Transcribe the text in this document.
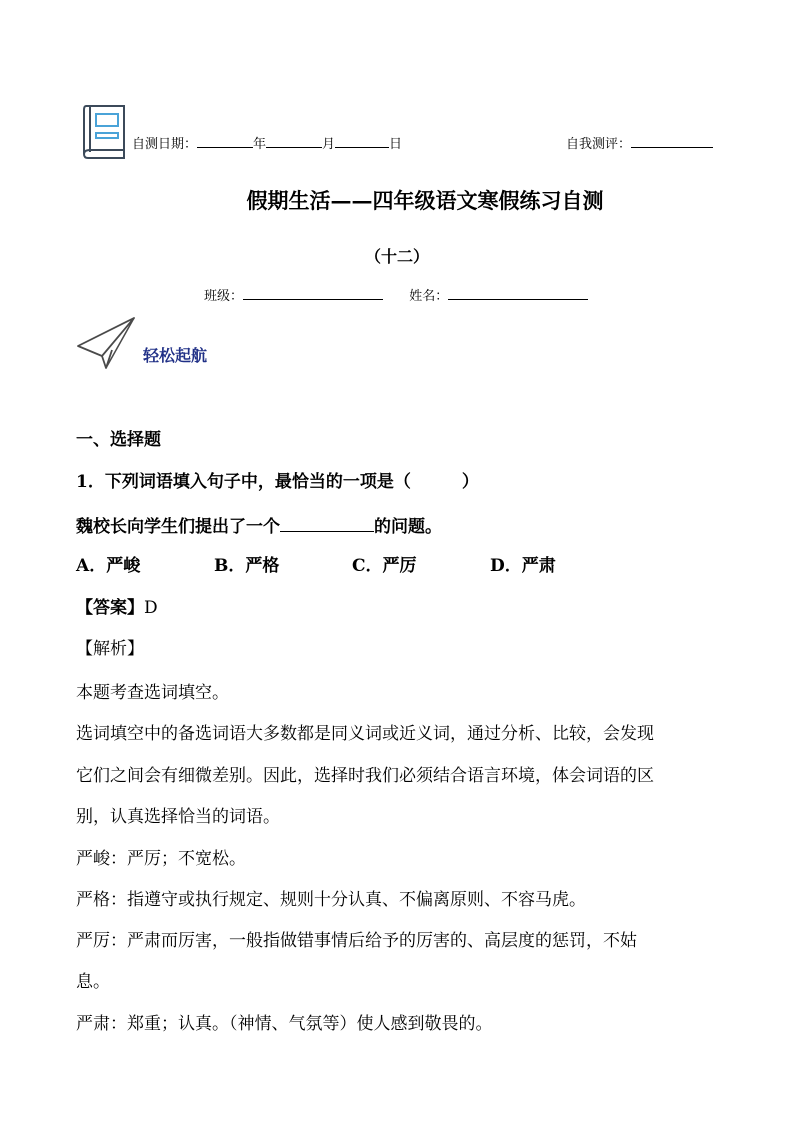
自测日期：	年	月	日	自我测评：
假期生活——四年级语文寒假练习自测
（十二）
班级：	姓名：
轻松起航
一、选择题
1．下列词语填入句子中，最恰当的一项是（　　　）
魏校长向学生们提出了一个	的问题。
A．严峻	B．严格	C．严厉	D．严肃
【答案】D
【解析】
本题考查选词填空。
选词填空中的备选词语大多数都是同义词或近义词，通过分析、比较，会发现
它们之间会有细微差别。因此，选择时我们必须结合语言环境，体会词语的区
别，认真选择恰当的词语。
严峻：严厉；不宽松。
严格：指遵守或执行规定、规则十分认真、不偏离原则、不容马虎。
严厉：严肃而厉害，一般指做错事情后给予的厉害的、高层度的惩罚，不姑
息。
严肃：郑重；认真。（神情、气氛等）使人感到敬畏的。
